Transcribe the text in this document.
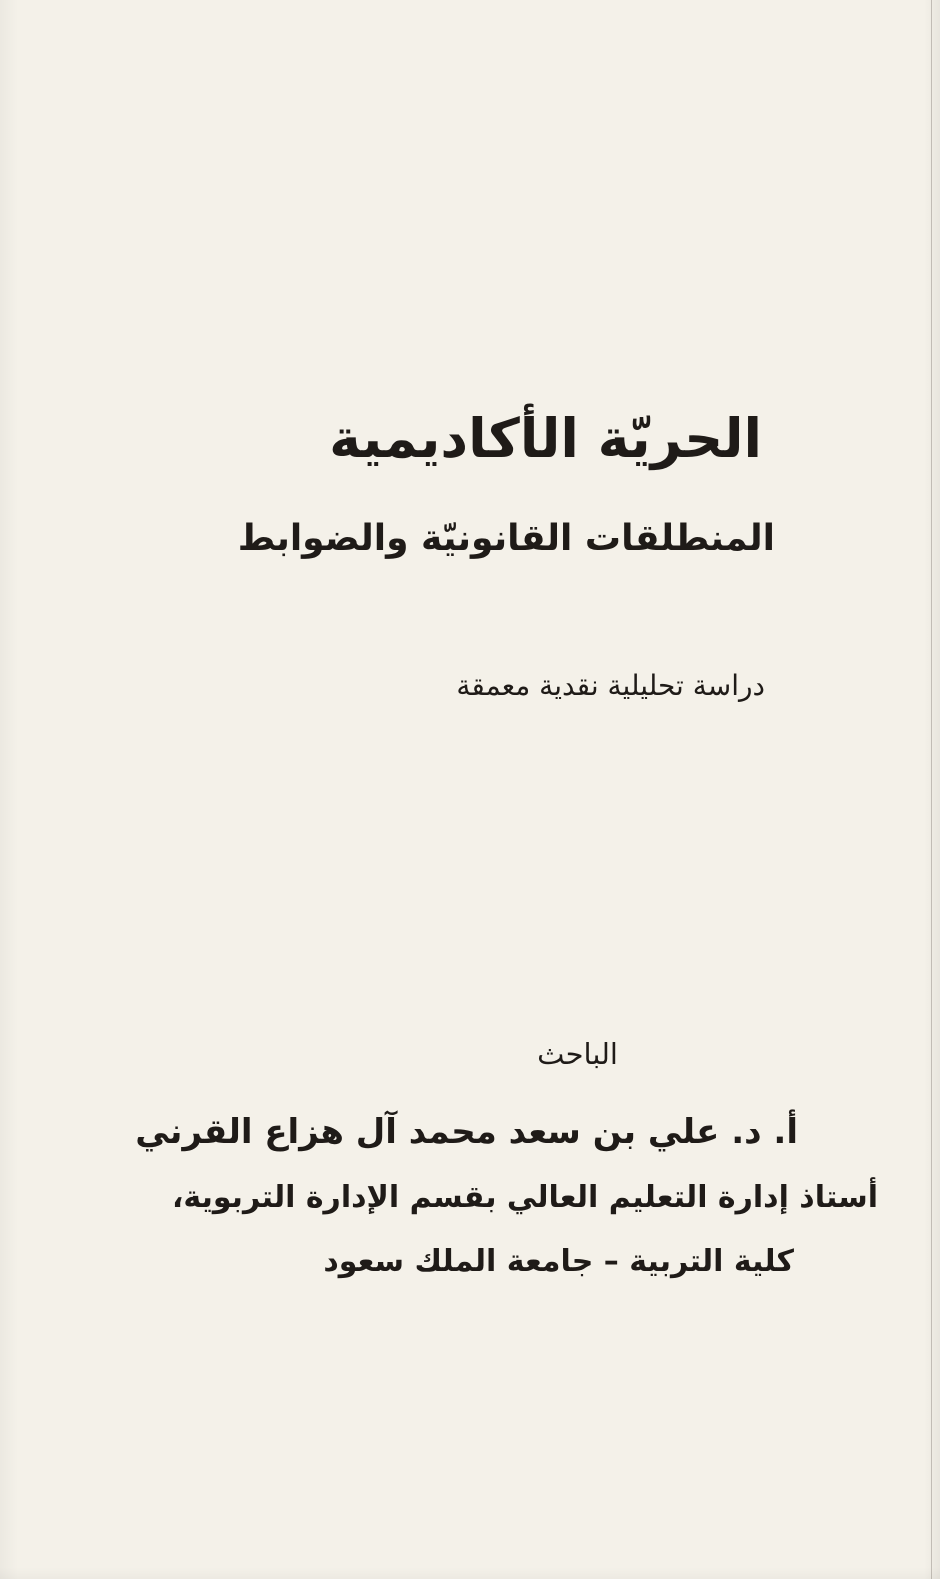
الحريّة الأكاديمية
المنطلقات القانونيّة والضوابط
دراسة تحليلية نقدية معمقة
الباحث
أ. د. علي بن سعد محمد آل هزاع القرني
أستاذ إدارة التعليم العالي بقسم الإدارة التربوية،
كلية التربية – جامعة الملك سعود
